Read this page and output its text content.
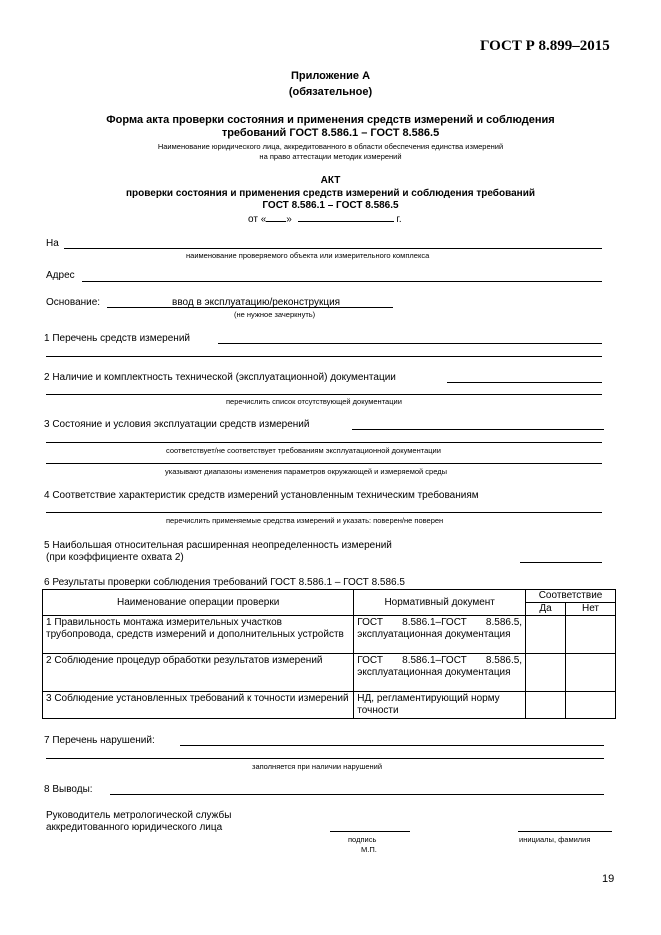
ГОСТ Р 8.899–2015
Приложение А
(обязательное)
Форма акта проверки состояния и применения средств измерений и соблюдения
требований ГОСТ 8.586.1 – ГОСТ 8.586.5
Наименование юридического лица, аккредитованного в области обеспечения единства измерений
на право аттестации методик измерений
АКТ
проверки состояния и применения средств измерений и соблюдения требований
ГОСТ 8.586.1 – ГОСТ 8.586.5
от « »	г.
На
наименование проверяемого объекта или измерительного комплекса
Адрес
Основание:	ввод в эксплуатацию/реконструкция
(не нужное зачеркнуть)
1 Перечень средств измерений
2 Наличие и комплектность технической (эксплуатационной) документации
перечислить список отсутствующей документации
3 Состояние и условия эксплуатации средств измерений
соответствует/не соответствует требованиям эксплуатационной документации
указывают диапазоны изменения параметров окружающей и измеряемой среды
4 Соответствие характеристик средств измерений установленным техническим требованиям
перечислить применяемые средства измерений и указать: поверен/не поверен
5 Наибольшая относительная расширенная неопределенность измерений
(при коэффициенте охвата 2)
6 Результаты проверки соблюдения требований ГОСТ 8.586.1 – ГОСТ 8.586.5
Наименование операции проверки	Нормативный документ	Соответствие	
		Да	Нет
1 Правильность монтажа измерительных участков трубопровода, средств измерений и дополнительных устройств	ГОСТ 8.586.1–ГОСТ 8.586.5, эксплуатационная документация		
2 Соблюдение процедур обработки результатов измерений	ГОСТ 8.586.1–ГОСТ 8.586.5, эксплуатационная документация		
3 Соблюдение установленных требований к точности измерений	НД, регламентирующий норму точности		
7 Перечень нарушений:
заполняется при наличии нарушений
8 Выводы:
Руководитель метрологической службы
аккредитованного юридического лица
подпись
М.П.
инициалы, фамилия
19
